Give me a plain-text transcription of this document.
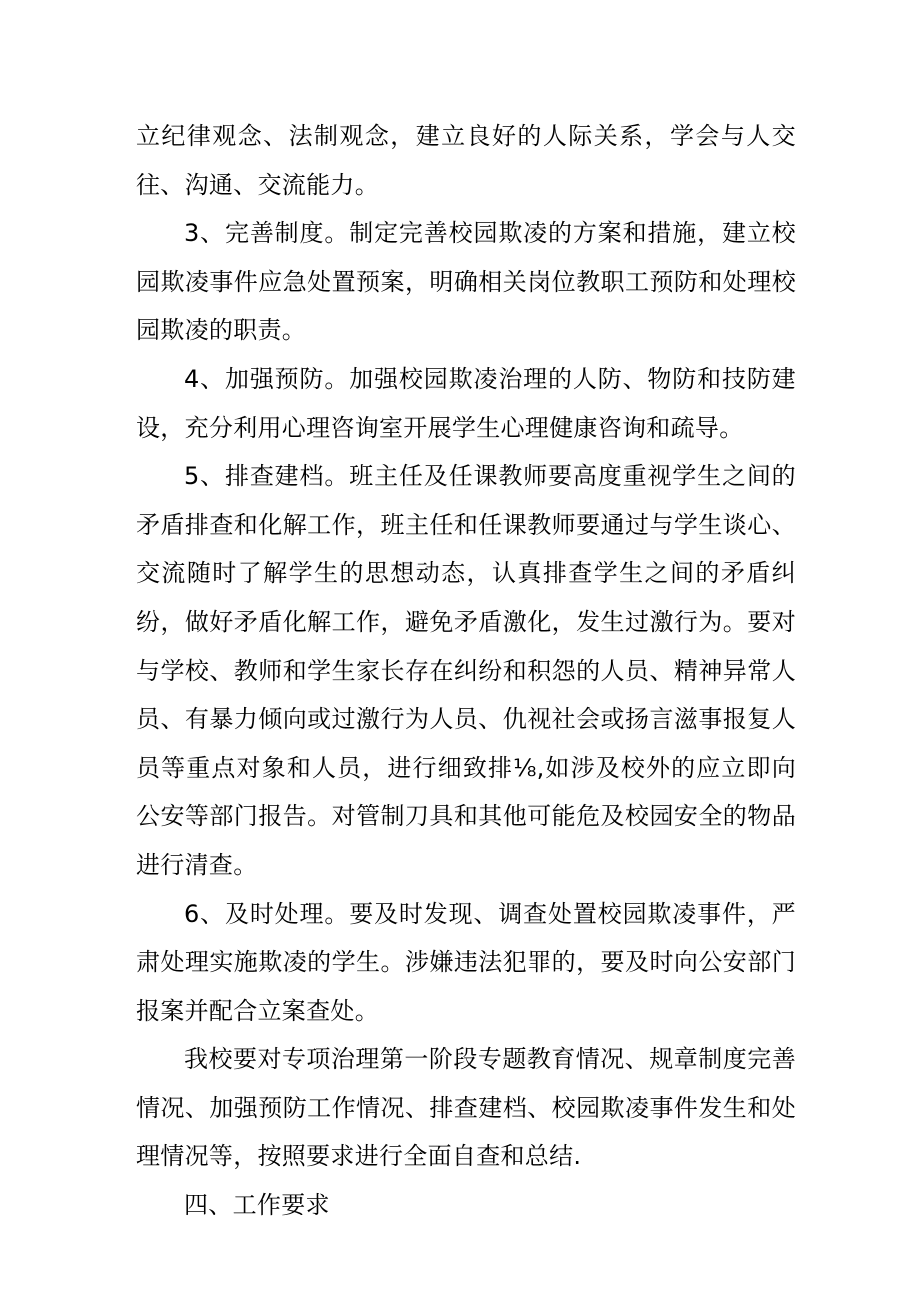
立纪律观念、法制观念，建立良好的人际关系，学会与人交往、沟通、交流能力。

3、完善制度。制定完善校园欺凌的方案和措施，建立校园欺凌事件应急处置预案，明确相关岗位教职工预防和处理校园欺凌的职责。

4、加强预防。加强校园欺凌治理的人防、物防和技防建设，充分利用心理咨询室开展学生心理健康咨询和疏导。

5、排查建档。班主任及任课教师要高度重视学生之间的矛盾排查和化解工作，班主任和任课教师要通过与学生谈心、交流随时了解学生的思想动态，认真排查学生之间的矛盾纠纷，做好矛盾化解工作，避免矛盾激化，发生过激行为。要对与学校、教师和学生家长存在纠纷和积怨的人员、精神异常人员、有暴力倾向或过激行为人员、仇视社会或扬言滋事报复人员等重点对象和人员，进行细致排⅛,如涉及校外的应立即向公安等部门报告。对管制刀具和其他可能危及校园安全的物品进行清查。

6、及时处理。要及时发现、调查处置校园欺凌事件，严肃处理实施欺凌的学生。涉嫌违法犯罪的，要及时向公安部门报案并配合立案查处。

我校要对专项治理第一阶段专题教育情况、规章制度完善情况、加强预防工作情况、排查建档、校园欺凌事件发生和处理情况等，按照要求进行全面自查和总结.

四、工作要求
